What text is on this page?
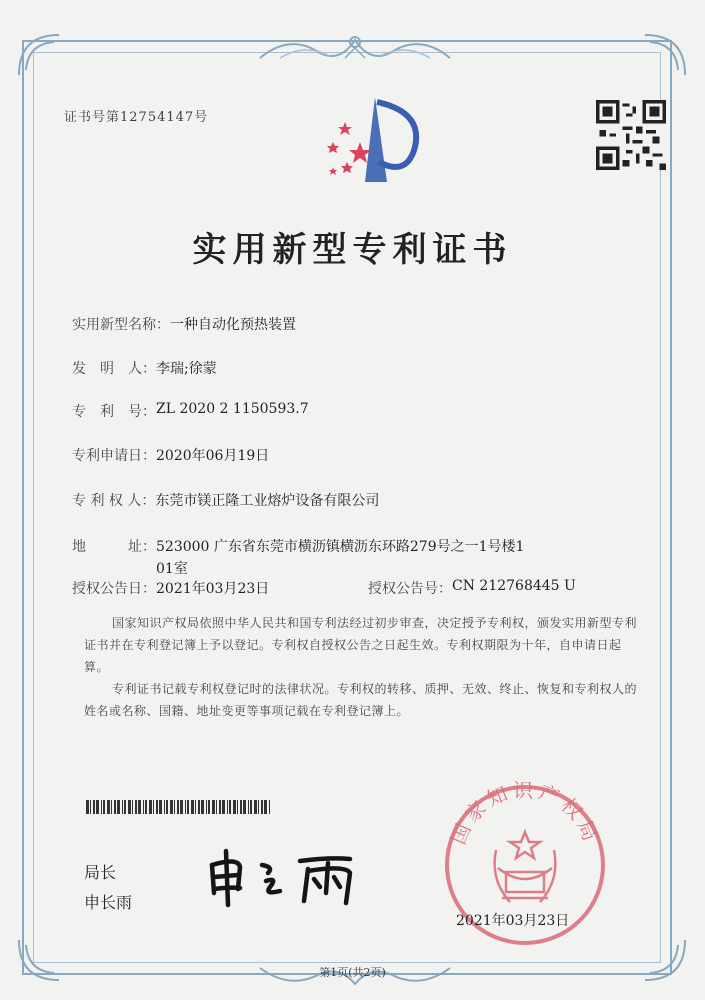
证书号第12754147号
实用新型专利证书
实用新型名称： 一种自动化预热装置
发　明　人： 李瑞;徐蒙
专　利　号： ZL 2020 2 1150593.7
专利申请日： 2020年06月19日
专 利 权 人： 东莞市镁正隆工业熔炉设备有限公司
地　　　址： 523000 广东省东莞市横沥镇横沥东环路279号之一1号楼1
01室
授权公告日： 2021年03月23日	授权公告号： CN 212768445 U
国家知识产权局依照中华人民共和国专利法经过初步审查，决定授予专利权，颁发实用新型专利证书并在专利登记簿上予以登记。专利权自授权公告之日起生效。专利权期限为十年，自申请日起算。
专利证书记载专利权登记时的法律状况。专利权的转移、质押、无效、终止、恢复和专利权人的姓名或名称、国籍、地址变更等事项记载在专利登记簿上。
局长
申长雨
国家知识产权局
2021年03月23日
第1页(共2页)
